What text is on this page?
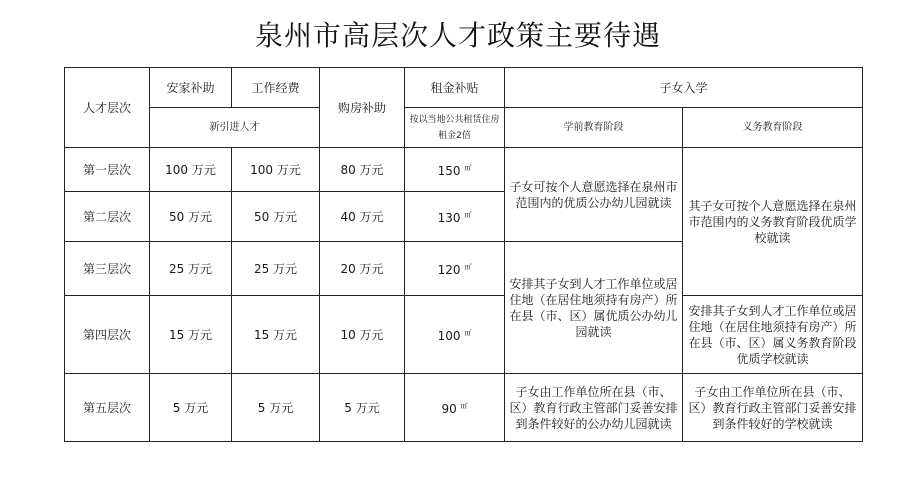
泉州市高层次人才政策主要待遇
人才层次	安家补助	工作经费	购房补助	租金补贴	子女入学	
	新引进人才			按以当地公共租赁住房租金2倍	学前教育阶段	义务教育阶段
第一层次	100 万元	100 万元	80 万元	150 ㎡	子女可按个人意愿选择在泉州市范围内的优质公办幼儿园就读	其子女可按个人意愿选择在泉州市范围内的义务教育阶段优质学校就读
第二层次	50 万元	50 万元	40 万元	130 ㎡
第三层次	25 万元	25 万元	20 万元	120 ㎡	安排其子女到人才工作单位或居住地（在居住地须持有房产）所在县（市、区）属优质公办幼儿园就读	
第四层次	15 万元	15 万元	10 万元	100 ㎡		安排其子女到人才工作单位或居住地（在居住地须持有房产）所在县（市、区）属义务教育阶段优质学校就读
第五层次	5 万元	5 万元	5 万元	90 ㎡	子女由工作单位所在县（市、区）教育行政主管部门妥善安排到条件较好的公办幼儿园就读	子女由工作单位所在县（市、区）教育行政主管部门妥善安排到条件较好的学校就读
